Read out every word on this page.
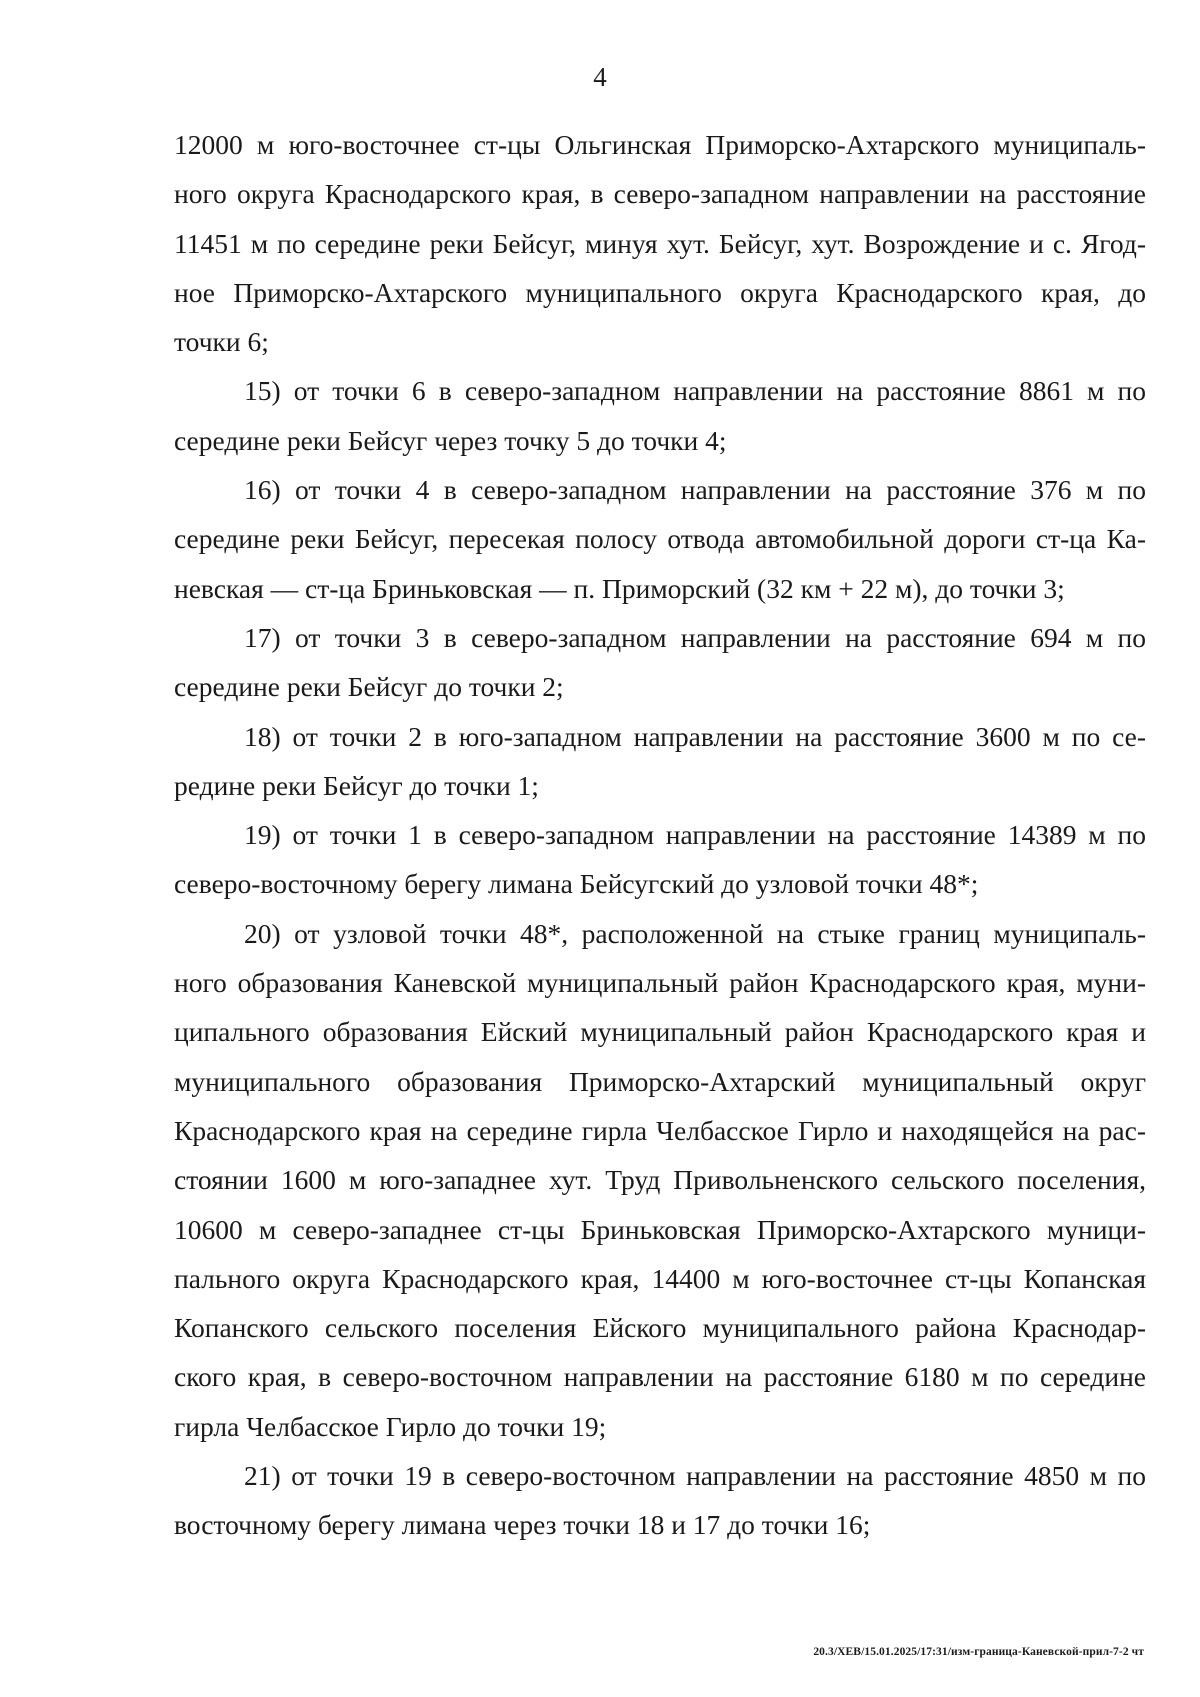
4
12000 м юго-восточнее ст-цы Ольгинская Приморско-Ахтарского муниципаль-
ного округа Краснодарского края, в северо-западном направлении на расстояние
11451 м по середине реки Бейсуг, минуя хут. Бейсуг, хут. Возрождение и с. Ягод-
ное Приморско-Ахтарского муниципального округа Краснодарского края, до
точки 6;
15) от точки 6 в северо-западном направлении на расстояние 8861 м по
середине реки Бейсуг через точку 5 до точки 4;
16) от точки 4 в северо-западном направлении на расстояние 376 м по
середине реки Бейсуг, пересекая полосу отвода автомобильной дороги ст-ца Ка-
невская — ст-ца Бриньковская — п. Приморский (32 км + 22 м), до точки 3;
17) от точки 3 в северо-западном направлении на расстояние 694 м по
середине реки Бейсуг до точки 2;
18) от точки 2 в юго-западном направлении на расстояние 3600 м по се-
редине реки Бейсуг до точки 1;
19) от точки 1 в северо-западном направлении на расстояние 14389 м по
северо-восточному берегу лимана Бейсугский до узловой точки 48*;
20) от узловой точки 48*, расположенной на стыке границ муниципаль-
ного образования Каневской муниципальный район Краснодарского края, муни-
ципального образования Ейский муниципальный район Краснодарского края и
муниципального образования Приморско-Ахтарский муниципальный округ
Краснодарского края на середине гирла Челбасское Гирло и находящейся на рас-
стоянии 1600 м юго-западнее хут. Труд Привольненского сельского поселения,
10600 м северо-западнее ст-цы Бриньковская Приморско-Ахтарского муници-
пального округа Краснодарского края, 14400 м юго-восточнее ст-цы Копанская
Копанского сельского поселения Ейского муниципального района Краснодар-
ского края, в северо-восточном направлении на расстояние 6180 м по середине
гирла Челбасское Гирло до точки 19;
21) от точки 19 в северо-восточном направлении на расстояние 4850 м по
восточному берегу лимана через точки 18 и 17 до точки 16;
20.3/ХЕВ/15.01.2025/17:31/изм-граница-Каневской-прил-7-2 чт
